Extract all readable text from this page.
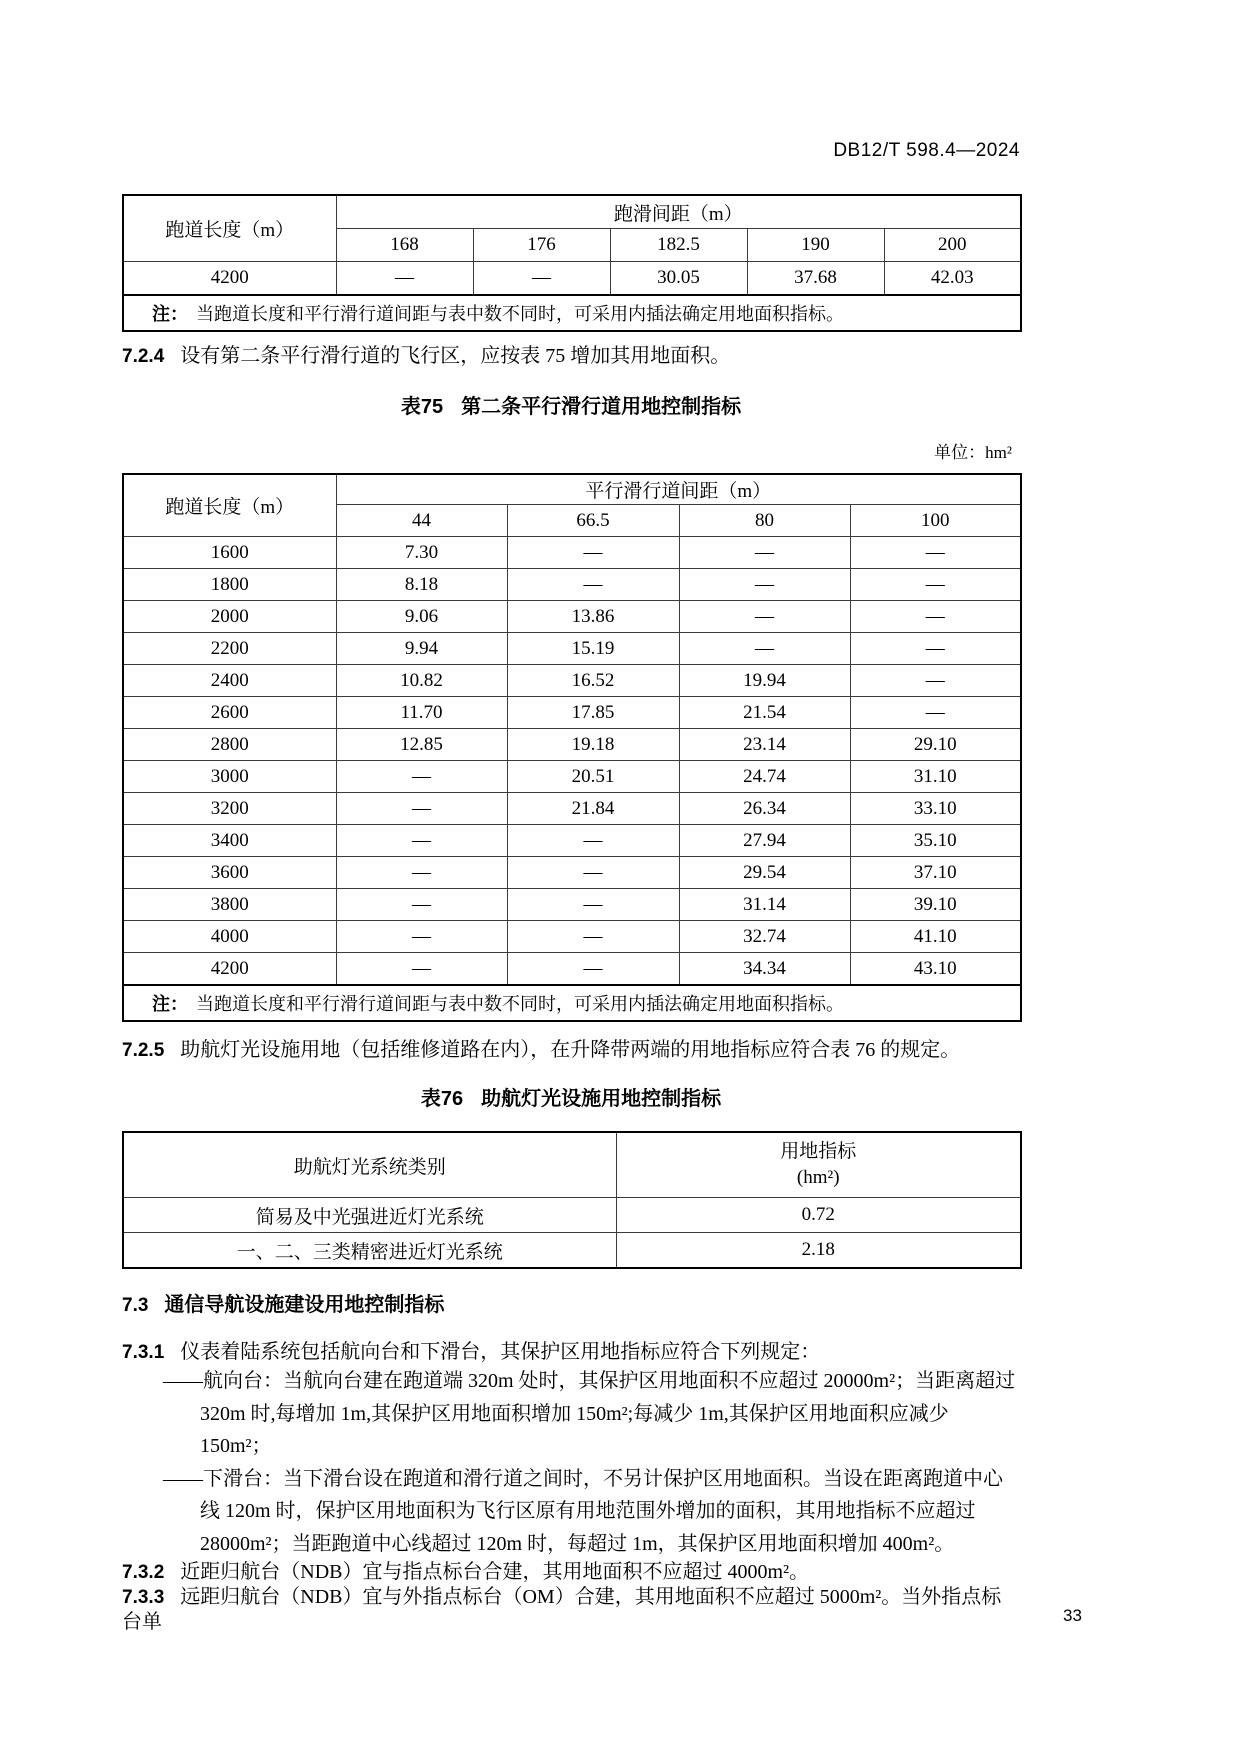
DB12/T 598.4—2024
跑道长度（m）	跑滑间距（m）				
	168	176	182.5	190	200
4200	—	—	30.05	37.68	42.03
注： 当跑道长度和平行滑行道间距与表中数不同时，可采用内插法确定用地面积指标。					
7.2.4 设有第二条平行滑行道的飞行区，应按表 75 增加其用地面积。
表75 第二条平行滑行道用地控制指标
单位：hm²
跑道长度（m）	平行滑行道间距（m）			
	44	66.5	80	100
1600	7.30	—	—	—
1800	8.18	—	—	—
2000	9.06	13.86	—	—
2200	9.94	15.19	—	—
2400	10.82	16.52	19.94	—
2600	11.70	17.85	21.54	—
2800	12.85	19.18	23.14	29.10
3000	—	20.51	24.74	31.10
3200	—	21.84	26.34	33.10
3400	—	—	27.94	35.10
3600	—	—	29.54	37.10
3800	—	—	31.14	39.10
4000	—	—	32.74	41.10
4200	—	—	34.34	43.10
注： 当跑道长度和平行滑行道间距与表中数不同时，可采用内插法确定用地面积指标。				
7.2.5 助航灯光设施用地（包括维修道路在内），在升降带两端的用地指标应符合表 76 的规定。
表76 助航灯光设施用地控制指标
助航灯光系统类别	用地指标
(hm²)

简易及中光强进近灯光系统	0.72
一、二、三类精密进近灯光系统	2.18
7.3 通信导航设施建设用地控制指标
7.3.1 仪表着陆系统包括航向台和下滑台，其保护区用地指标应符合下列规定：
——航向台：当航向台建在跑道端 320m 处时，其保护区用地面积不应超过 20000m²；当距离超过
320m 时,每增加 1m,其保护区用地面积增加 150m²;每减少 1m,其保护区用地面积应减少 150m²；
——下滑台：当下滑台设在跑道和滑行道之间时，不另计保护区用地面积。当设在距离跑道中心
线 120m 时，保护区用地面积为飞行区原有用地范围外增加的面积，其用地指标不应超过
28000m²；当距跑道中心线超过 120m 时，每超过 1m，其保护区用地面积增加 400m²。
7.3.2 近距归航台（NDB）宜与指点标台合建，其用地面积不应超过 4000m²。
7.3.3 远距归航台（NDB）宜与外指点标台（OM）合建，其用地面积不应超过 5000m²。当外指点标台单	33
